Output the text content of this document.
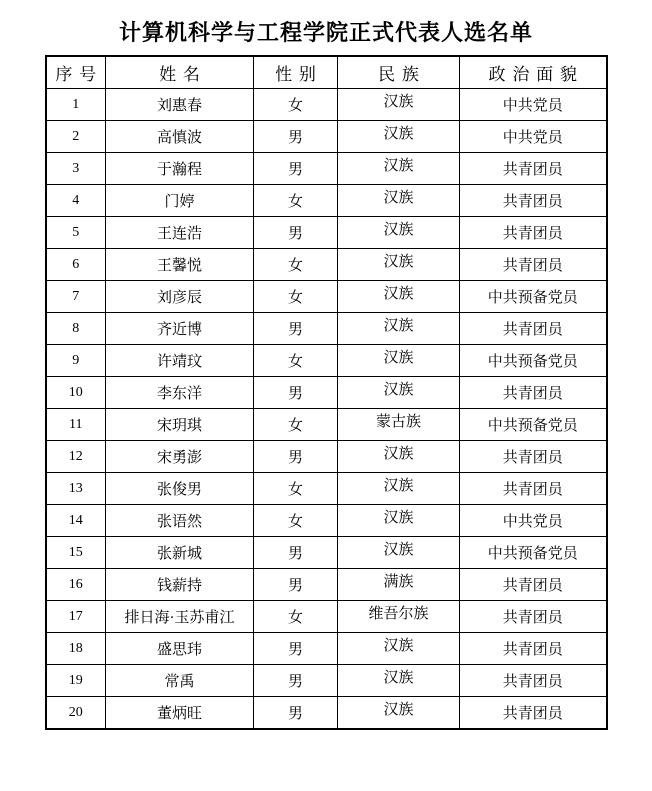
计算机科学与工程学院正式代表人选名单
序号	姓名	性别	民族	政治面貌
1	刘惠春	女	汉族	中共党员
2	高慎波	男	汉族	中共党员
3	于瀚程	男	汉族	共青团员
4	门婷	女	汉族	共青团员
5	王连浩	男	汉族	共青团员
6	王馨悦	女	汉族	共青团员
7	刘彦辰	女	汉族	中共预备党员
8	齐近博	男	汉族	共青团员
9	许靖玟	女	汉族	中共预备党员
10	李东洋	男	汉族	共青团员
11	宋玥琪	女	蒙古族	中共预备党员
12	宋勇澎	男	汉族	共青团员
13	张俊男	女	汉族	共青团员
14	张语然	女	汉族	中共党员
15	张新城	男	汉族	中共预备党员
16	钱薪持	男	满族	共青团员
17	排日海·玉苏甫江	女	维吾尔族	共青团员
18	盛思玮	男	汉族	共青团员
19	常禹	男	汉族	共青团员
20	董炳旺	男	汉族	共青团员
